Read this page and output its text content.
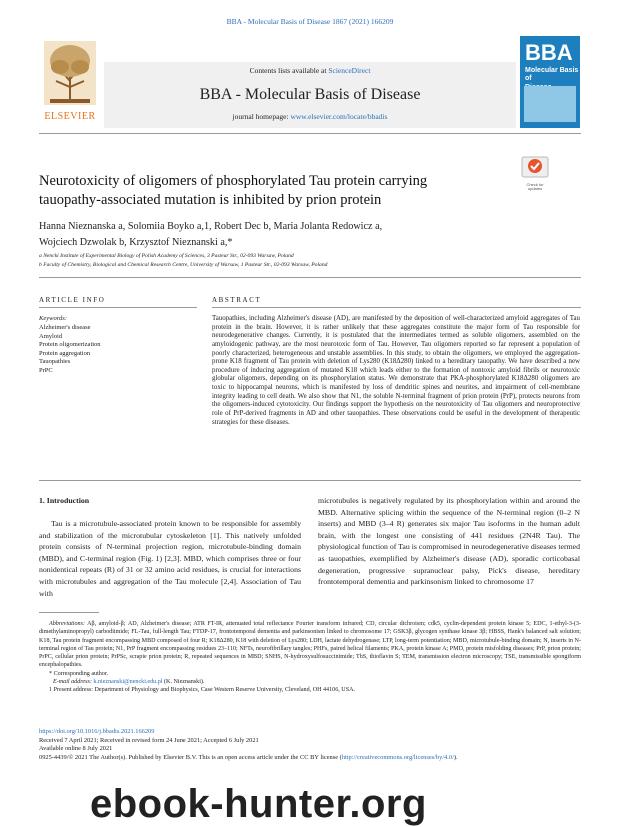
BBA - Molecular Basis of Disease 1867 (2021) 166209
ELSEVIER
Contents lists available at ScienceDirect
BBA - Molecular Basis of Disease
journal homepage: www.elsevier.com/locate/bbadis
BBA
Molecular Basis of

Neurotoxicity of oligomers of phosphorylated Tau protein carrying
tauopathy-associated mutation is inhibited by prion protein
Check for updates
Hanna Nieznanska a, Solomiia Boyko a,1, Robert Dec b, Maria Jolanta Redowicz a,
Wojciech Dzwolak b, Krzysztof Nieznanski a,*
a Nencki Institute of Experimental Biology of Polish Academy of Sciences, 3 Pasteur Str., 02-093 Warsaw, Poland
b Faculty of Chemistry, Biological and Chemical Research Centre, University of Warsaw, 1 Pasteur Str., 02-093 Warsaw, Poland
ARTICLE INFO	ABSTRACT
Keywords:
Alzheimer's disease
Amyloid
Protein oligomerization
Protein aggregation
Tauopathies
PrPC
Tauopathies, including Alzheimer's disease (AD), are manifested by the deposition of well-characterized amyloid aggregates of Tau protein in the brain. However, it is rather unlikely that these aggregates constitute the major form of Tau responsible for neurodegenerative changes. Currently, it is postulated that the intermediates termed as soluble oligomers, assembled on the amyloidogenic pathway, are the most neurotoxic form of Tau. However, Tau oligomers reported so far represent a population of poorly characterized, heterogeneous and unstable assemblies. In this study, to obtain the oligomers, we employed the aggregation-prone K18 fragment of Tau protein with deletion of Lys280 (K18Δ280) linked to a hereditary tauopathy. We have described a new procedure of inducing aggregation of mutated K18 which leads either to the formation of nontoxic amyloid fibrils or neurotoxic globular oligomers, depending on its phosphorylation status. We demonstrate that PKA-phosphorylated K18Δ280 oligomers are toxic to hippocampal neurons, which is manifested by loss of dendritic spines and neurites, and impairment of cell-membrane integrity leading to cell death. We also show that N1, the soluble N-terminal fragment of prion protein (PrP), protects neurons from the oligomers-induced cytotoxicity. Our findings support the hypothesis on the neurotoxicity of Tau oligomers and neuroprotective role of PrP-derived fragments in AD and other tauopathies. These observations could be useful in the development of therapeutic strategies for these diseases.
1. Introduction

Tau is a microtubule-associated protein known to be responsible for assembly and stabilization of the microtubular cytoskeleton [1]. This natively unfolded protein consists of N-terminal projection region, microtubule-binding domain (MBD), and C-terminal region (Fig. 1) [2,3]. MBD, which comprises three or four nonidentical repeats (R) of 31 or 32 amino acid residues, is crucial for interactions with microtubules and aggregation of the Tau molecule [2,4]. Association of Tau with

microtubules is negatively regulated by its phosphorylation within and around the MBD. Alternative splicing within the sequence of the N-terminal region (0–2 N inserts) and MBD (3–4 R) generates six major Tau isoforms in the human adult brain, with the longest one consisting of 441 residues (2N4R Tau). The physiological function of Tau is compromised in neurodegenerative diseases termed as tauopathies, exemplified by Alzheimer's disease (AD), sporadic corticobasal degeneration, progressive supranuclear palsy, Pick's disease, hereditary frontotemporal dementia and parkinsonism linked to chromosome 17
Abbreviations: Aβ, amyloid-β; AD, Alzheimer's disease; ATR FT-IR, attenuated total reflectance Fourier transform infrared; CD, circular dichroism; cdk5, cyclin-dependent protein kinase 5; EDC, 1-ethyl-3-(3-dimethylaminopropyl) carbodiimide; FL-Tau, full-length Tau; FTDP-17, frontotemporal dementia and parkinsonism linked to chromosome 17; GSK3β, glycogen synthase kinase 3β; HBSS, Hank's balanced salt solution; K18, Tau protein fragment encompassing MBD composed of four R; K18Δ280, K18 with deletion of Lys280; LDH, lactate dehydrogenase; LTP, long-term potentiation; MBD, microtubule-binding domain; N, inserts in N-terminal region of Tau protein; N1, PrP fragment encompassing residues 23–110; NFTs, neurofibrillary tangles; PHFs, paired helical filaments; PKA, protein kinase A; PMD, protein misfolding diseases; PrP, prion protein; PrPC, cellular prion protein; PrPSc, scrapie prion protein; R, repeated sequences in MBD; SNHS, N-hydroxysulfosuccinimide; ThS, thioflavin S; TEM, transmission electron microscopy; TSE, transmissible spongiform encephalopathies.
* Corresponding author.
E-mail address: k.nieznanski@nencki.edu.pl (K. Nieznanski).
1 Present address: Department of Physiology and Biophysics, Case Western Reserve University, Cleveland, OH 44106, USA.
https://doi.org/10.1016/j.bbadis.2021.166209
Received 7 April 2021; Received in revised form 24 June 2021; Accepted 6 July 2021
Available online 8 July 2021
0925-4439/© 2021 The Author(s). Published by Elsevier B.V. This is an open access article under the CC BY license (http://creativecommons.org/licenses/by/4.0/).
ebook-hunter.org
